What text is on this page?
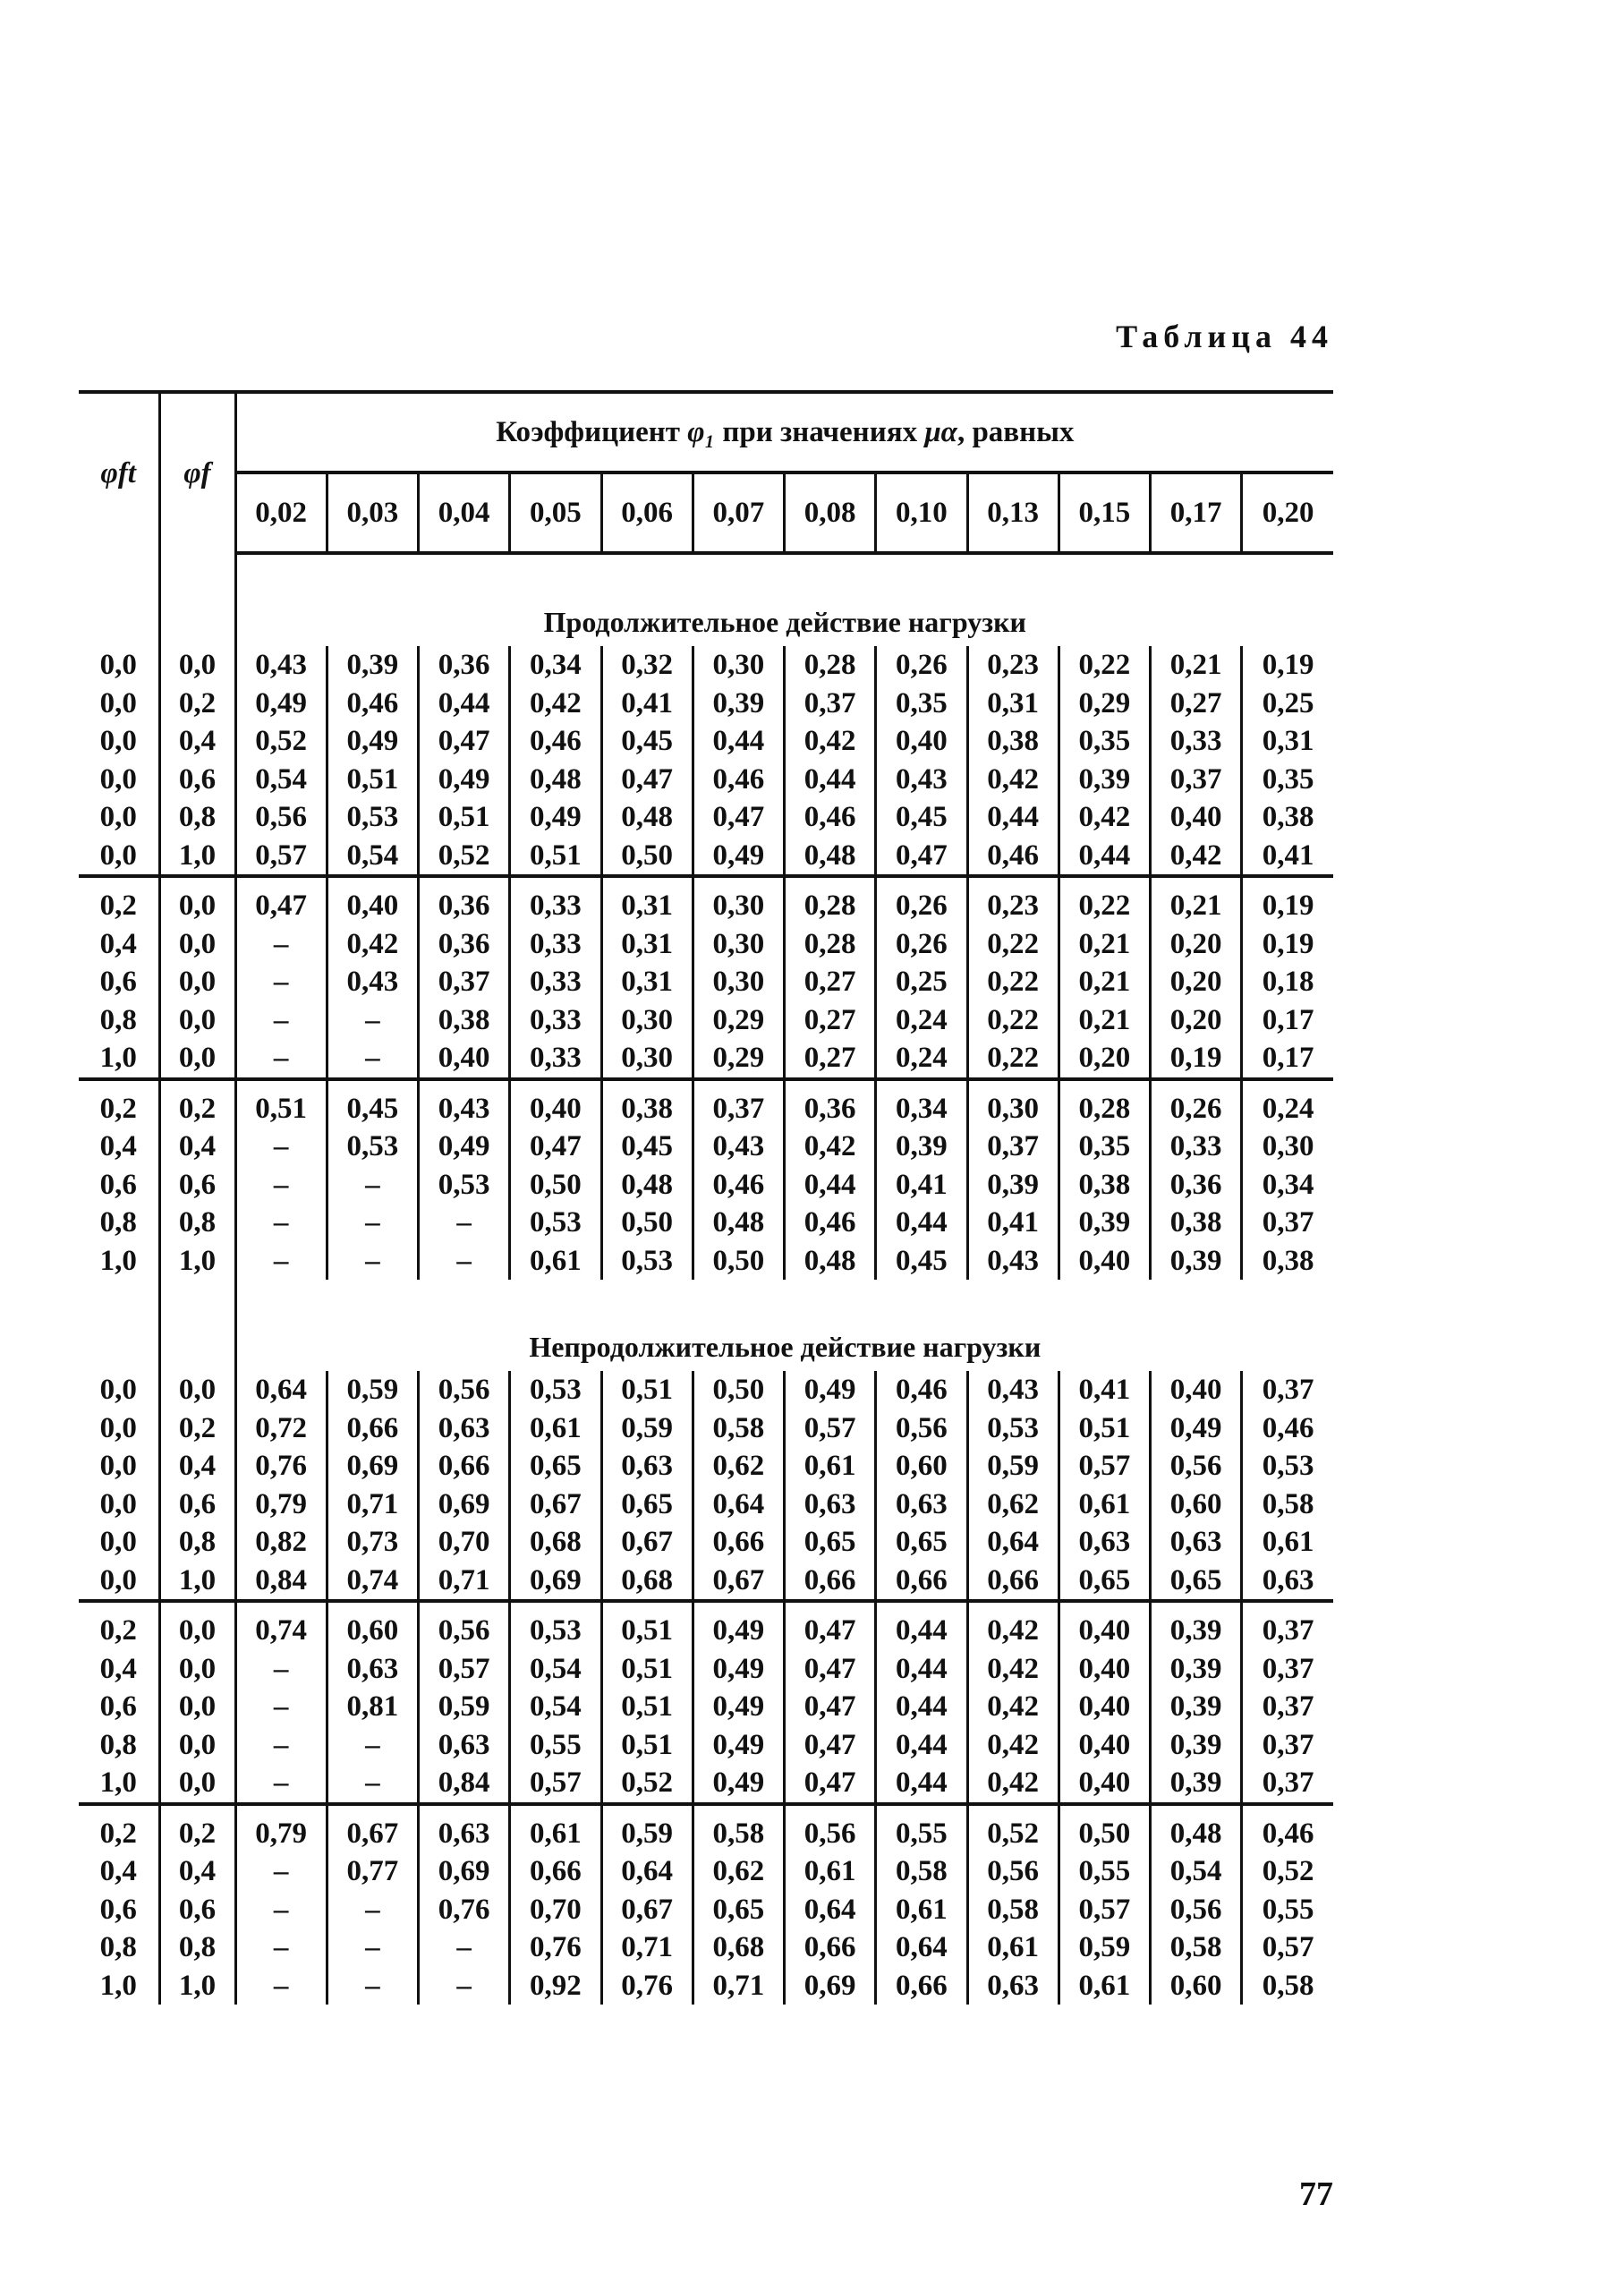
Таблица 44
φft	φf	Коэффициент φ₁ при значениях μα, равных											
		0,02	0,03	0,04	0,05	0,06	0,07	0,08	0,10	0,13	0,15	0,17	0,20
		Продолжительное действие нагрузки											
0,0	0,0	0,43	0,39	0,36	0,34	0,32	0,30	0,28	0,26	0,23	0,22	0,21	0,19
0,0	0,2	0,49	0,46	0,44	0,42	0,41	0,39	0,37	0,35	0,31	0,29	0,27	0,25
0,0	0,4	0,52	0,49	0,47	0,46	0,45	0,44	0,42	0,40	0,38	0,35	0,33	0,31
0,0	0,6	0,54	0,51	0,49	0,48	0,47	0,46	0,44	0,43	0,42	0,39	0,37	0,35
0,0	0,8	0,56	0,53	0,51	0,49	0,48	0,47	0,46	0,45	0,44	0,42	0,40	0,38
0,0	1,0	0,57	0,54	0,52	0,51	0,50	0,49	0,48	0,47	0,46	0,44	0,42	0,41
0,2	0,0	0,47	0,40	0,36	0,33	0,31	0,30	0,28	0,26	0,23	0,22	0,21	0,19
0,4	0,0	–	0,42	0,36	0,33	0,31	0,30	0,28	0,26	0,22	0,21	0,20	0,19
0,6	0,0	–	0,43	0,37	0,33	0,31	0,30	0,27	0,25	0,22	0,21	0,20	0,18
0,8	0,0	–	–	0,38	0,33	0,30	0,29	0,27	0,24	0,22	0,21	0,20	0,17
1,0	0,0	–	–	0,40	0,33	0,30	0,29	0,27	0,24	0,22	0,20	0,19	0,17
0,2	0,2	0,51	0,45	0,43	0,40	0,38	0,37	0,36	0,34	0,30	0,28	0,26	0,24
0,4	0,4	–	0,53	0,49	0,47	0,45	0,43	0,42	0,39	0,37	0,35	0,33	0,30
0,6	0,6	–	–	0,53	0,50	0,48	0,46	0,44	0,41	0,39	0,38	0,36	0,34
0,8	0,8	–	–	–	0,53	0,50	0,48	0,46	0,44	0,41	0,39	0,38	0,37
1,0	1,0	–	–	–	0,61	0,53	0,50	0,48	0,45	0,43	0,40	0,39	0,38
		Непродолжительное действие нагрузки											
0,0	0,0	0,64	0,59	0,56	0,53	0,51	0,50	0,49	0,46	0,43	0,41	0,40	0,37
0,0	0,2	0,72	0,66	0,63	0,61	0,59	0,58	0,57	0,56	0,53	0,51	0,49	0,46
0,0	0,4	0,76	0,69	0,66	0,65	0,63	0,62	0,61	0,60	0,59	0,57	0,56	0,53
0,0	0,6	0,79	0,71	0,69	0,67	0,65	0,64	0,63	0,63	0,62	0,61	0,60	0,58
0,0	0,8	0,82	0,73	0,70	0,68	0,67	0,66	0,65	0,65	0,64	0,63	0,63	0,61
0,0	1,0	0,84	0,74	0,71	0,69	0,68	0,67	0,66	0,66	0,66	0,65	0,65	0,63
0,2	0,0	0,74	0,60	0,56	0,53	0,51	0,49	0,47	0,44	0,42	0,40	0,39	0,37
0,4	0,0	–	0,63	0,57	0,54	0,51	0,49	0,47	0,44	0,42	0,40	0,39	0,37
0,6	0,0	–	0,81	0,59	0,54	0,51	0,49	0,47	0,44	0,42	0,40	0,39	0,37
0,8	0,0	–	–	0,63	0,55	0,51	0,49	0,47	0,44	0,42	0,40	0,39	0,37
1,0	0,0	–	–	0,84	0,57	0,52	0,49	0,47	0,44	0,42	0,40	0,39	0,37
0,2	0,2	0,79	0,67	0,63	0,61	0,59	0,58	0,56	0,55	0,52	0,50	0,48	0,46
0,4	0,4	–	0,77	0,69	0,66	0,64	0,62	0,61	0,58	0,56	0,55	0,54	0,52
0,6	0,6	–	–	0,76	0,70	0,67	0,65	0,64	0,61	0,58	0,57	0,56	0,55
0,8	0,8	–	–	–	0,76	0,71	0,68	0,66	0,64	0,61	0,59	0,58	0,57
1,0	1,0	–	–	–	0,92	0,76	0,71	0,69	0,66	0,63	0,61	0,60	0,58
77
